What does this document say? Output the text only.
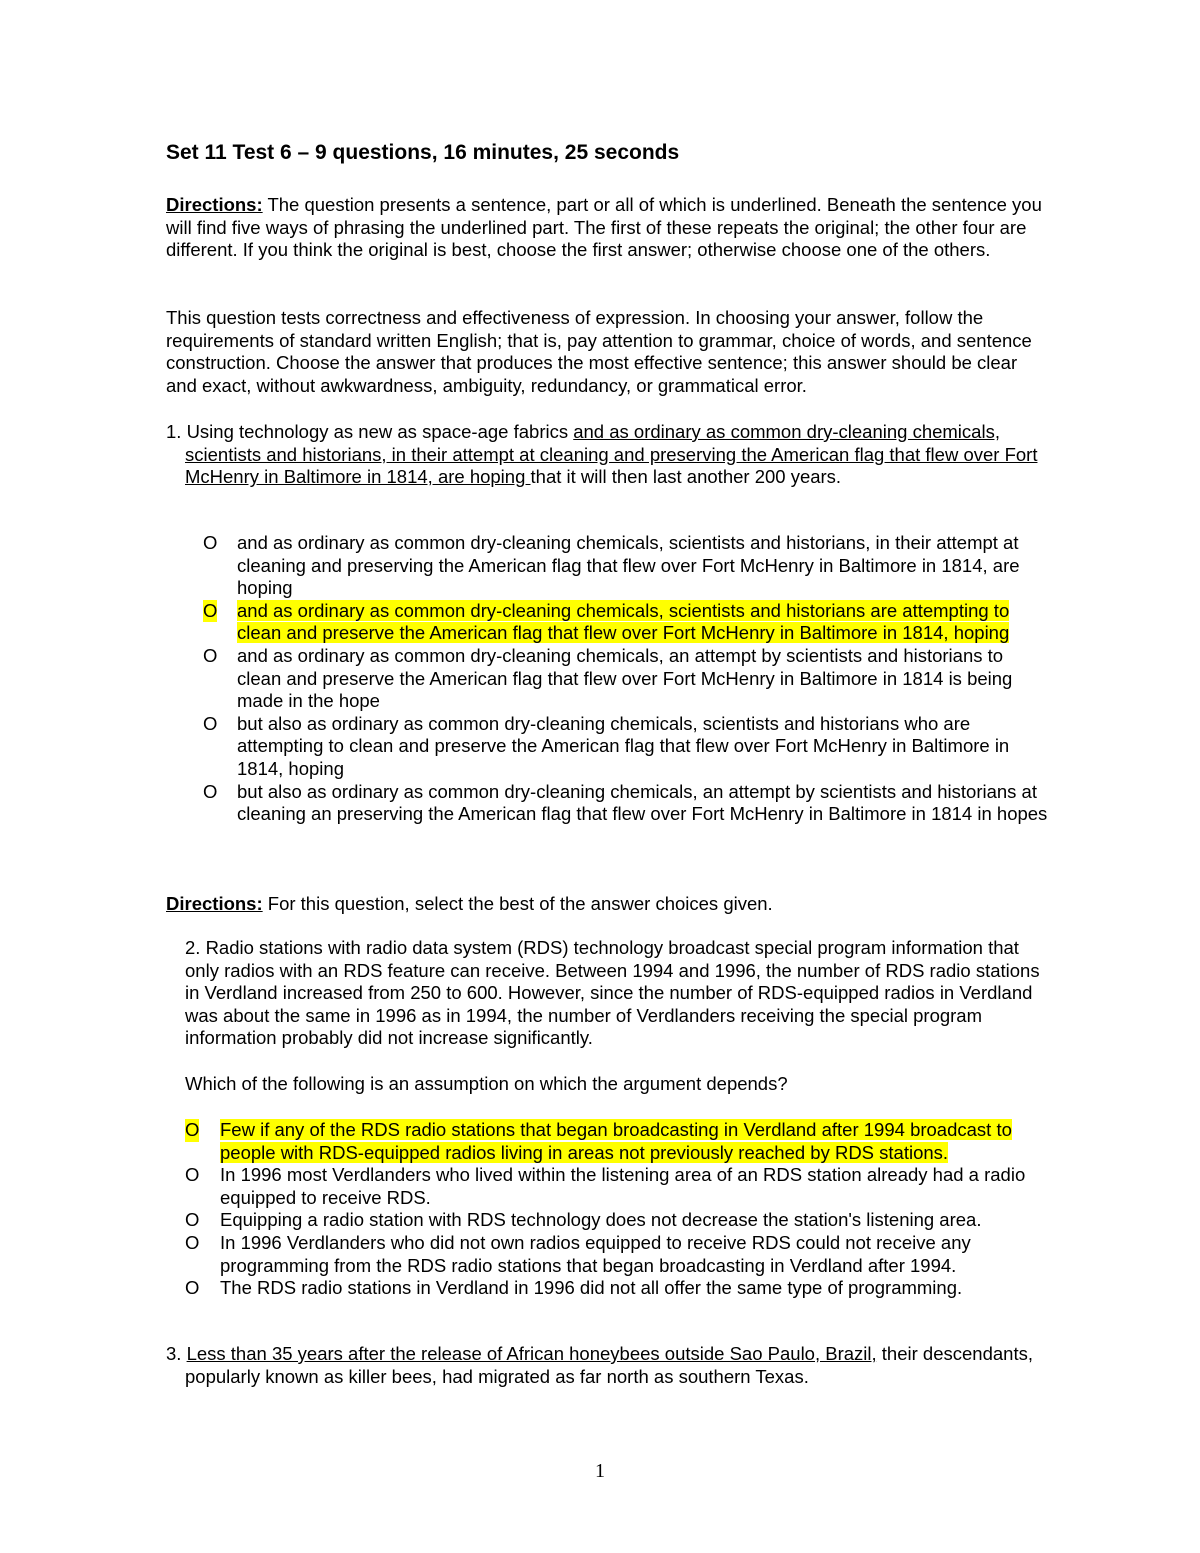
Set 11 Test 6 – 9 questions, 16 minutes, 25 seconds
Directions: The question presents a sentence, part or all of which is underlined. Beneath the sentence you will find five ways of phrasing the underlined part. The first of these repeats the original; the other four are different. If you think the original is best, choose the first answer; otherwise choose one of the others.
This question tests correctness and effectiveness of expression. In choosing your answer, follow the requirements of standard written English; that is, pay attention to grammar, choice of words, and sentence construction. Choose the answer that produces the most effective sentence; this answer should be clear and exact, without awkwardness, ambiguity, redundancy, or grammatical error.
1. Using technology as new as space-age fabrics and as ordinary as common dry-cleaning chemicals, scientists and historians, in their attempt at cleaning and preserving the American flag that flew over Fort McHenry in Baltimore in 1814, are hoping that it will then last another 200 years.
O and as ordinary as common dry-cleaning chemicals, scientists and historians, in their attempt at cleaning and preserving the American flag that flew over Fort McHenry in Baltimore in 1814, are hoping
O and as ordinary as common dry-cleaning chemicals, scientists and historians are attempting to clean and preserve the American flag that flew over Fort McHenry in Baltimore in 1814, hoping
O and as ordinary as common dry-cleaning chemicals, an attempt by scientists and historians to clean and preserve the American flag that flew over Fort McHenry in Baltimore in 1814 is being made in the hope
O but also as ordinary as common dry-cleaning chemicals, scientists and historians who are attempting to clean and preserve the American flag that flew over Fort McHenry in Baltimore in 1814, hoping
O but also as ordinary as common dry-cleaning chemicals, an attempt by scientists and historians at cleaning an preserving the American flag that flew over Fort McHenry in Baltimore in 1814 in hopes
Directions: For this question, select the best of the answer choices given.
2. Radio stations with radio data system (RDS) technology broadcast special program information that only radios with an RDS feature can receive. Between 1994 and 1996, the number of RDS radio stations in Verdland increased from 250 to 600. However, since the number of RDS-equipped radios in Verdland was about the same in 1996 as in 1994, the number of Verdlanders receiving the special program information probably did not increase significantly.
Which of the following is an assumption on which the argument depends?
O Few if any of the RDS radio stations that began broadcasting in Verdland after 1994 broadcast to people with RDS-equipped radios living in areas not previously reached by RDS stations.
O In 1996 most Verdlanders who lived within the listening area of an RDS station already had a radio equipped to receive RDS.
O Equipping a radio station with RDS technology does not decrease the station's listening area.
O In 1996 Verdlanders who did not own radios equipped to receive RDS could not receive any programming from the RDS radio stations that began broadcasting in Verdland after 1994.
O The RDS radio stations in Verdland in 1996 did not all offer the same type of programming.
3. Less than 35 years after the release of African honeybees outside Sao Paulo, Brazil, their descendants, popularly known as killer bees, had migrated as far north as southern Texas.
1
